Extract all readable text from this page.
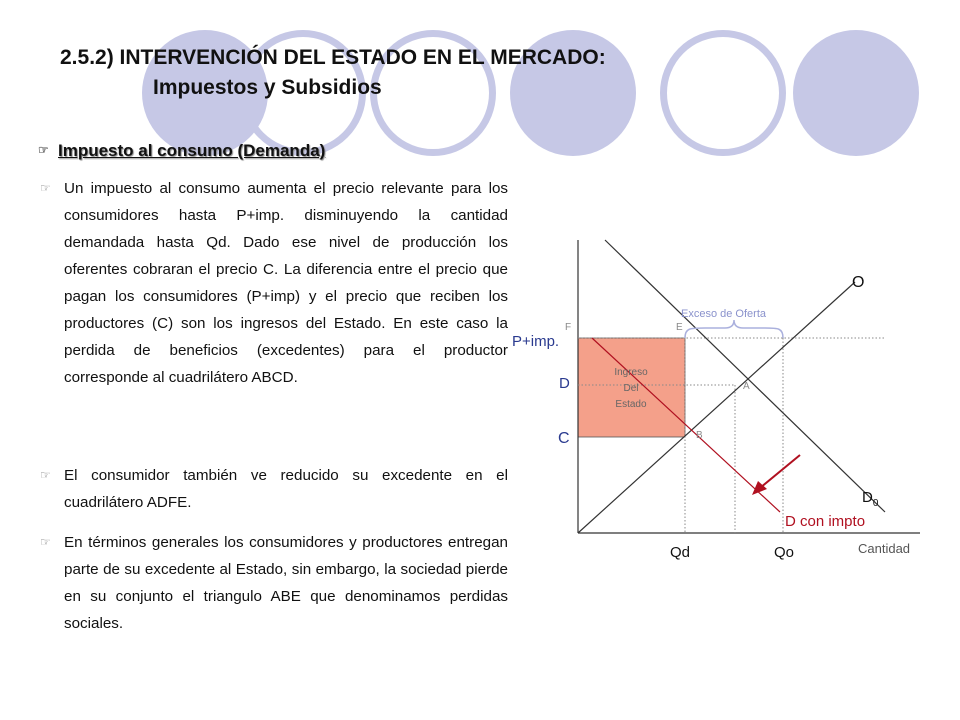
2.5.2) INTERVENCIÓN DEL ESTADO EN EL MERCADO:
Impuestos y Subsidios
☞ Impuesto al consumo (Demanda)
☞ Un impuesto al consumo aumenta el precio relevante para los consumidores hasta P+imp. disminuyendo la cantidad demandada hasta Qd. Dado ese nivel de producción los oferentes cobraran el precio C. La diferencia entre el precio que pagan los consumidores (P+imp) y el precio que reciben los productores (C) son los ingresos del Estado. En este caso la perdida de beneficios (excedentes) para el productor corresponde al cuadrilátero ABCD.
☞ El consumidor también ve reducido su excedente en el cuadrilátero ADFE.
☞ En términos generales los consumidores y productores entregan parte de su excedente al Estado, sin embargo, la sociedad pierde en su conjunto el triangulo ABE que denominamos perdidas sociales.
O
$D_0$
D con impto
Cantidad
Qd	Qo
P+imp.
D
C
F	E
A
B
Exceso de Oferta
Ingreso
Del
Estado
